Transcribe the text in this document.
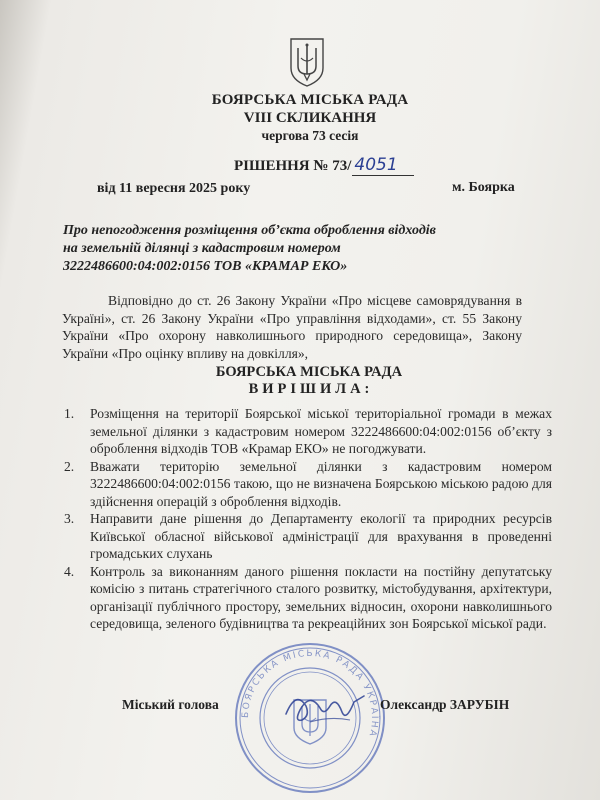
БОЯРСЬКА МІСЬКА РАДА
VIII СКЛИКАННЯ
чергова 73 сесія
РІШЕННЯ № 73/ 4051
від 11 вересня 2025 року	м. Боярка
Про непогодження розміщення об’єкта оброблення відходів на земельній ділянці з кадастровим номером 3222486600:04:002:0156 ТОВ «КРАМАР ЕКО»
Відповідно до ст. 26 Закону України «Про місцеве самоврядування в Україні», ст. 26 Закону України «Про управління відходами», ст. 55 Закону України «Про охорону навколишнього природного середовища», Закону України «Про оцінку впливу на довкілля»,
БОЯРСЬКА МІСЬКА РАДА
ВИРІШИЛА:
1. Розміщення на території Боярської міської територіальної громади в межах земельної ділянки з кадастровим номером 3222486600:04:002:0156 об’єкту з оброблення відходів ТОВ «Крамар ЕКО» не погоджувати.
2. Вважати територію земельної ділянки з кадастровим номером 3222486600:04:002:0156 такою, що не визначена Боярською міською радою для здійснення операцій з оброблення відходів.
3. Направити дане рішення до Департаменту екології та природних ресурсів Київської обласної військової адміністрації для врахування в проведенні громадських слухань
4. Контроль за виконанням даного рішення покласти на постійну депутатську комісію з питань стратегічного сталого розвитку, містобудування, архітектури, організації публічного простору, земельних відносин, охорони навколишнього середовища, зеленого будівництва та рекреаційних зон Боярської міської ради.
БОЯРСЬКА МІСЬКА РАДА УКРАЇНА
Міський голова	Олександр ЗАРУБІН
